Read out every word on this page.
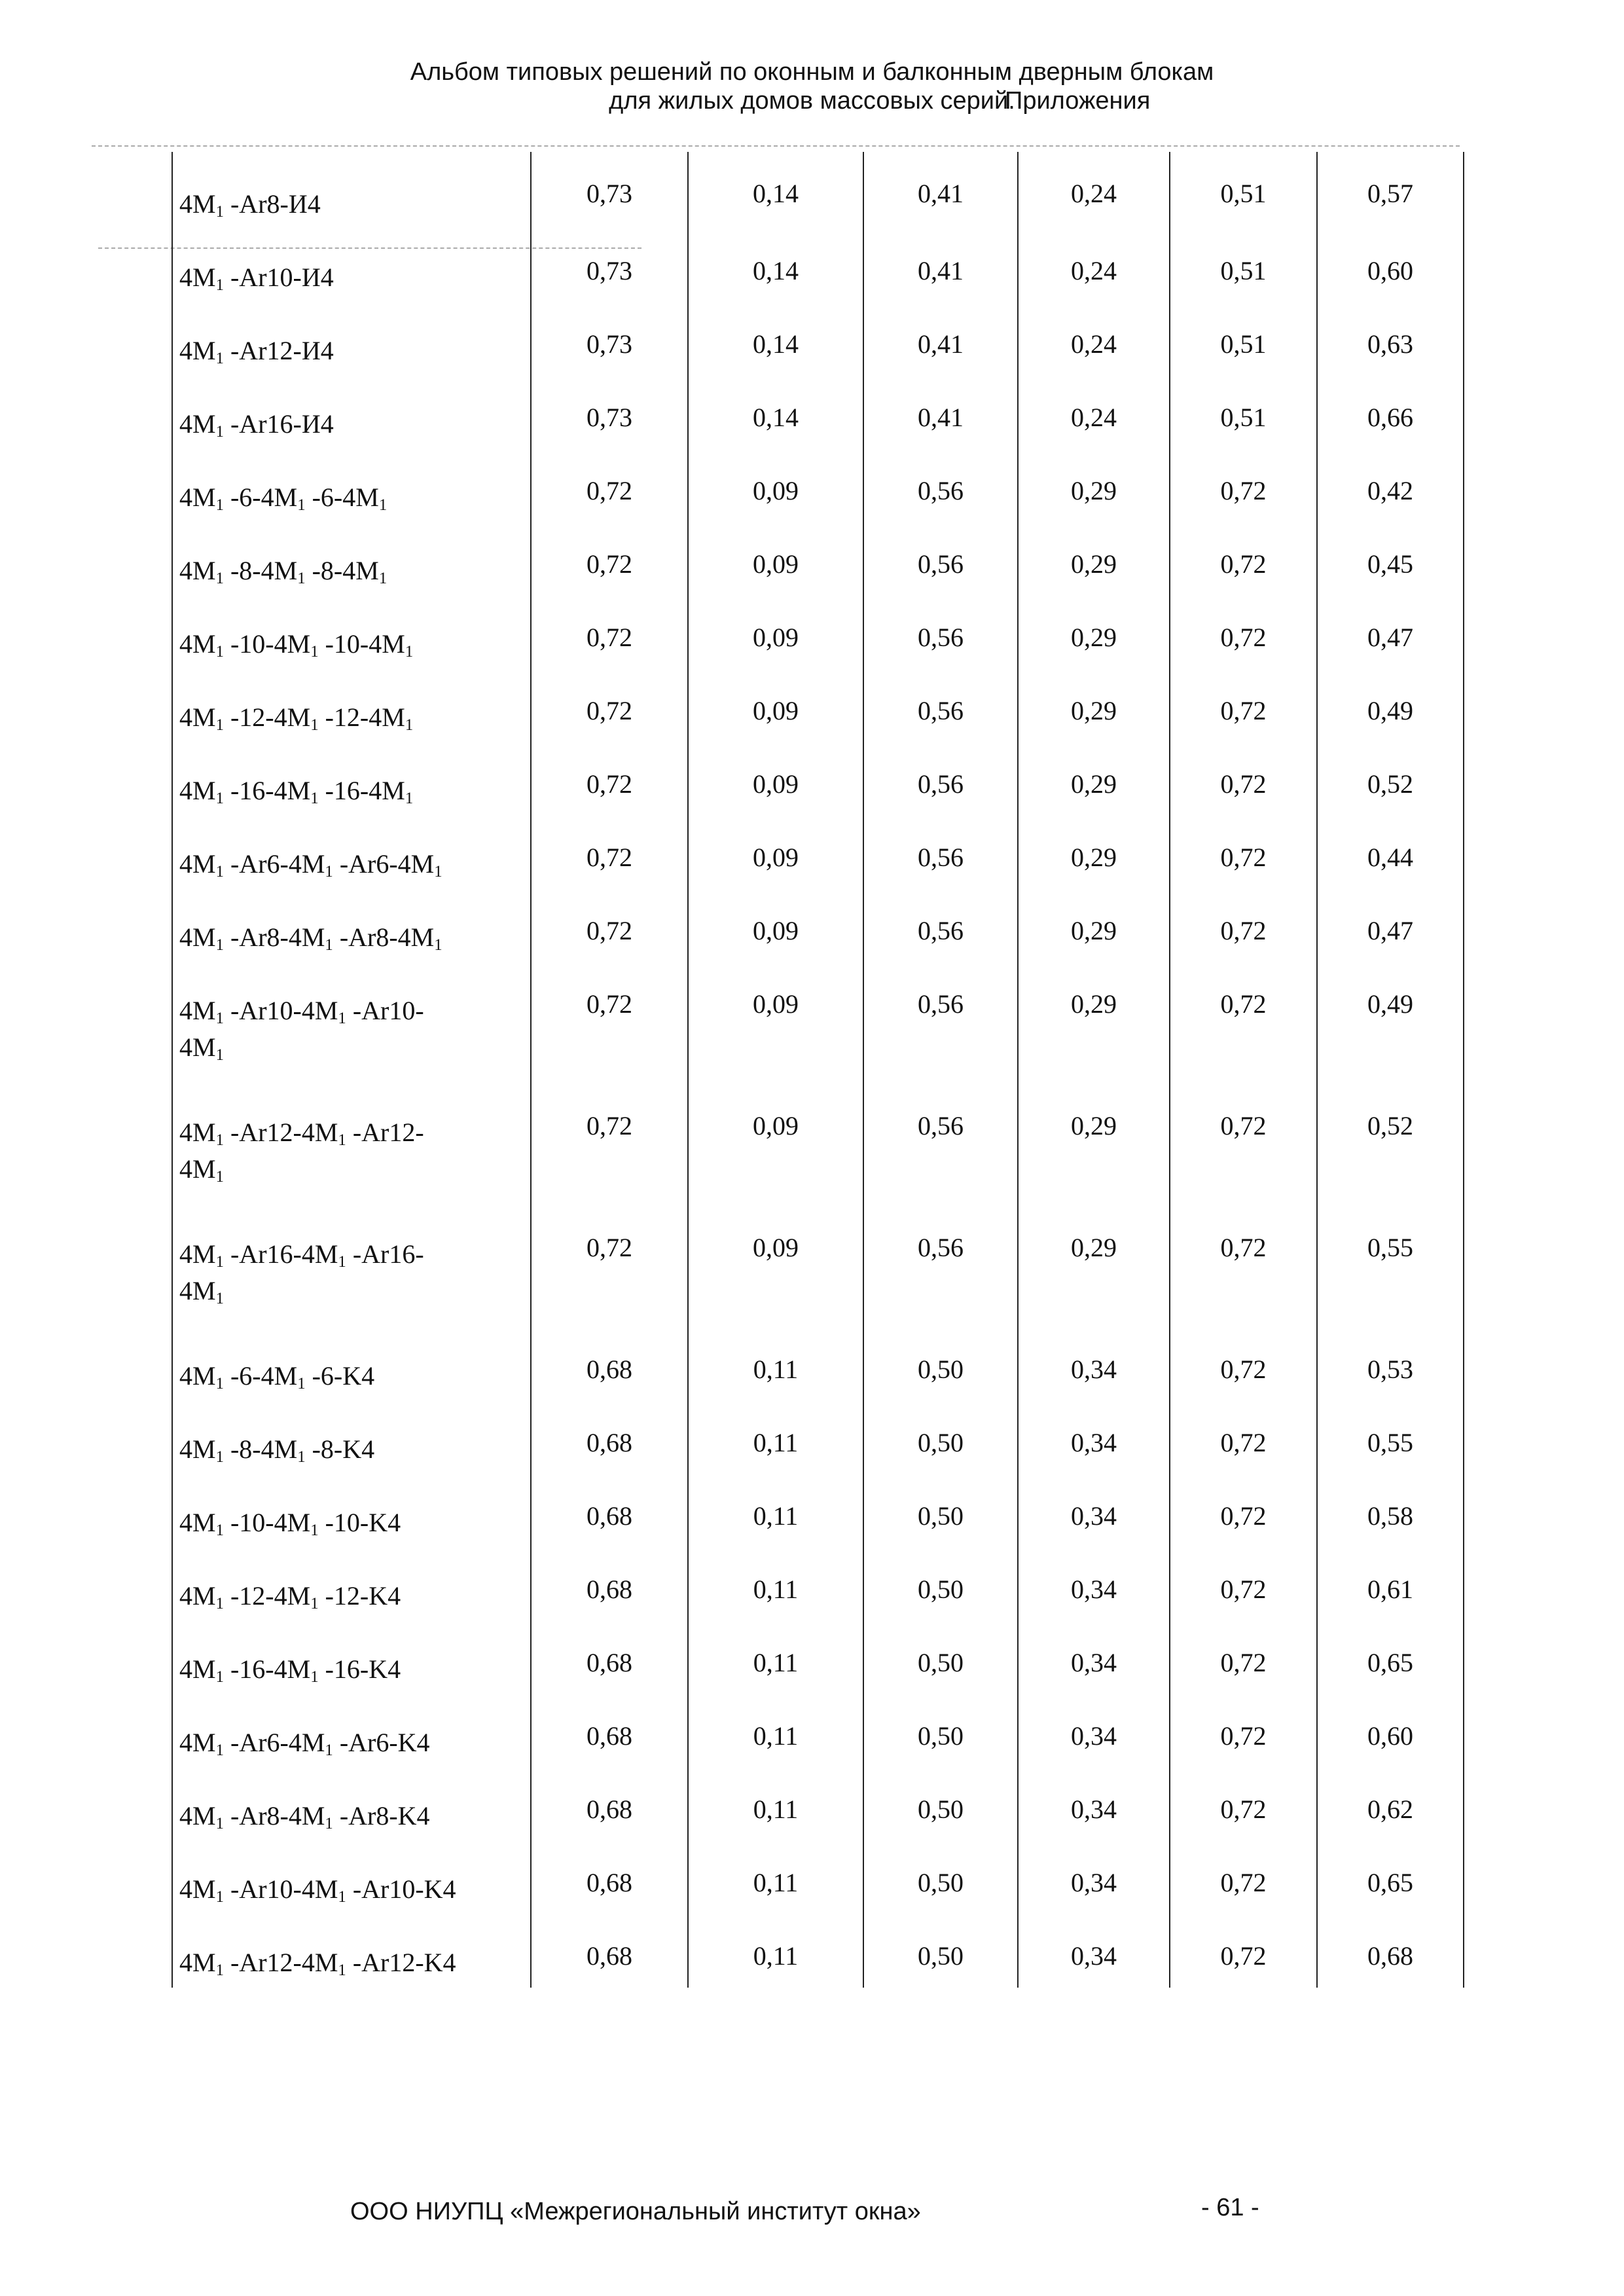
Альбом типовых решений по оконным и балконным дверным блокам
для жилых домов массовых серий.
Приложения
$4M_1$ -Ar8-И4	0,73	0,14	0,41	0,24	0,51	0,57
$4M_1$ -Ar10-И4	0,73	0,14	0,41	0,24	0,51	0,60
$4M_1$ -Ar12-И4	0,73	0,14	0,41	0,24	0,51	0,63
$4M_1$ -Ar16-И4	0,73	0,14	0,41	0,24	0,51	0,66
$4M_1$ $-6-4M_1$ $-6-4M_1$	0,72	0,09	0,56	0,29	0,72	0,42
$4M_1$ $-8-4M_1$ $-8-4M_1$	0,72	0,09	0,56	0,29	0,72	0,45
$4M_1$ $-10-4M_1$ $-10-4M_1$	0,72	0,09	0,56	0,29	0,72	0,47
$4M_1$ $-12-4M_1$ $-12-4M_1$	0,72	0,09	0,56	0,29	0,72	0,49
$4M_1$ $-16-4M_1$ $-16-4M_1$	0,72	0,09	0,56	0,29	0,72	0,52
$4M_1$ $-Ar6-4M_1$ $-Ar6-4M_1$	0,72	0,09	0,56	0,29	0,72	0,44
$4M_1$ $-Ar8-4M_1$ $-Ar8-4M_1$	0,72	0,09	0,56	0,29	0,72	0,47
$4M_1$ $-Ar10-4M_1$ -Ar10-
$4M_1$	0,72	0,09	0,56	0,29	0,72	0,49
$4M_1$ $-Ar12-4M_1$ -Ar12-
$4M_1$	0,72	0,09	0,56	0,29	0,72	0,52
$4M_1$ $-Ar16-4M_1$ -Ar16-
$4M_1$	0,72	0,09	0,56	0,29	0,72	0,55
$4M_1$ $-6-4M_1$ -6-K4	0,68	0,11	0,50	0,34	0,72	0,53
$4M_1$ $-8-4M_1$ -8-K4	0,68	0,11	0,50	0,34	0,72	0,55
$4M_1$ $-10-4M_1$ -10-K4	0,68	0,11	0,50	0,34	0,72	0,58
$4M_1$ $-12-4M_1$ -12-K4	0,68	0,11	0,50	0,34	0,72	0,61
$4M_1$ $-16-4M_1$ -16-K4	0,68	0,11	0,50	0,34	0,72	0,65
$4M_1$ $-Ar6-4M_1$ -Ar6-K4	0,68	0,11	0,50	0,34	0,72	0,60
$4M_1$ $-Ar8-4M_1$ -Ar8-K4	0,68	0,11	0,50	0,34	0,72	0,62
$4M_1$ $-Ar10-4M_1$ -Ar10-K4	0,68	0,11	0,50	0,34	0,72	0,65
$4M_1$ $-Ar12-4M_1$ -Ar12-K4	0,68	0,11	0,50	0,34	0,72	0,68
ООО НИУПЦ «Межрегиональный институт окна»	- 61 -
